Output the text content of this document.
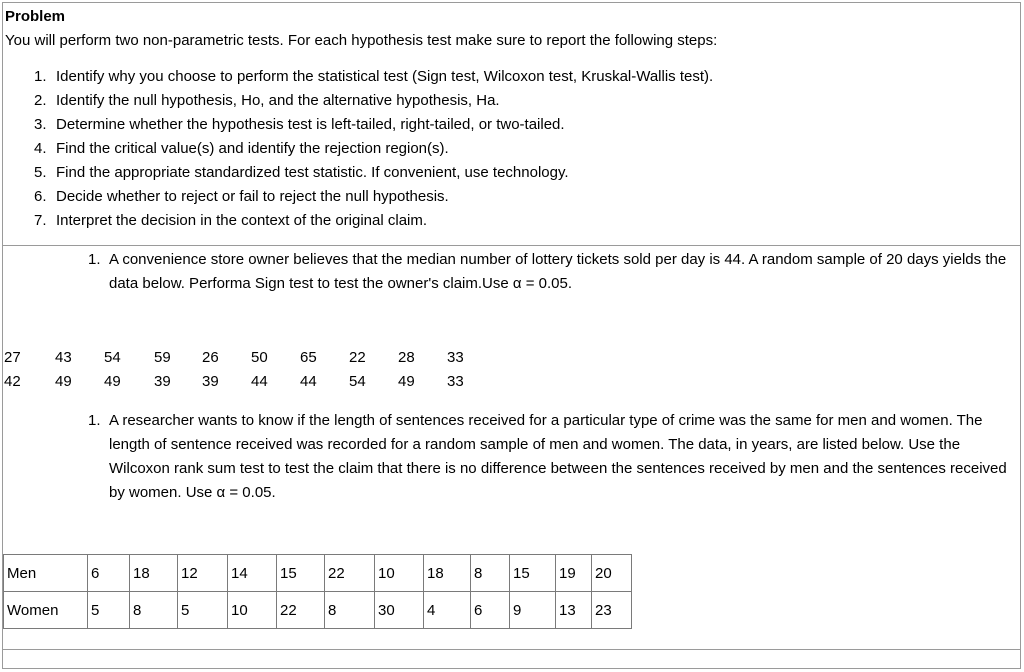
Problem
You will perform two non-parametric tests. For each hypothesis test make sure to report the following steps:
1. Identify why you choose to perform the statistical test (Sign test, Wilcoxon test, Kruskal-Wallis test).
2. Identify the null hypothesis, Ho, and the alternative hypothesis, Ha.
3. Determine whether the hypothesis test is left-tailed, right-tailed, or two-tailed.
4. Find the critical value(s) and identify the rejection region(s).
5. Find the appropriate standardized test statistic. If convenient, use technology.
6. Decide whether to reject or fail to reject the null hypothesis.
7. Interpret the decision in the context of the original claim.
1. A convenience store owner believes that the median number of lottery tickets sold per day is 44. A random sample of 20 days yields the data below. Performa Sign test to test the owner's claim.Use α = 0.05.
27 43 54 59 26 50 65 22 28 33
42 49 49 39 39 44 44 54 49 33
1. A researcher wants to know if the length of sentences received for a particular type of crime was the same for men and women. The length of sentence received was recorded for a random sample of men and women. The data, in years, are listed below. Use the Wilcoxon rank sum test to test the claim that there is no difference between the sentences received by men and the sentences received by women. Use α = 0.05.
Men	6	18	12	14	15	22	10	18	8	15	19	20
Women	5	8	5	10	22	8	30	4	6	9	13	23
